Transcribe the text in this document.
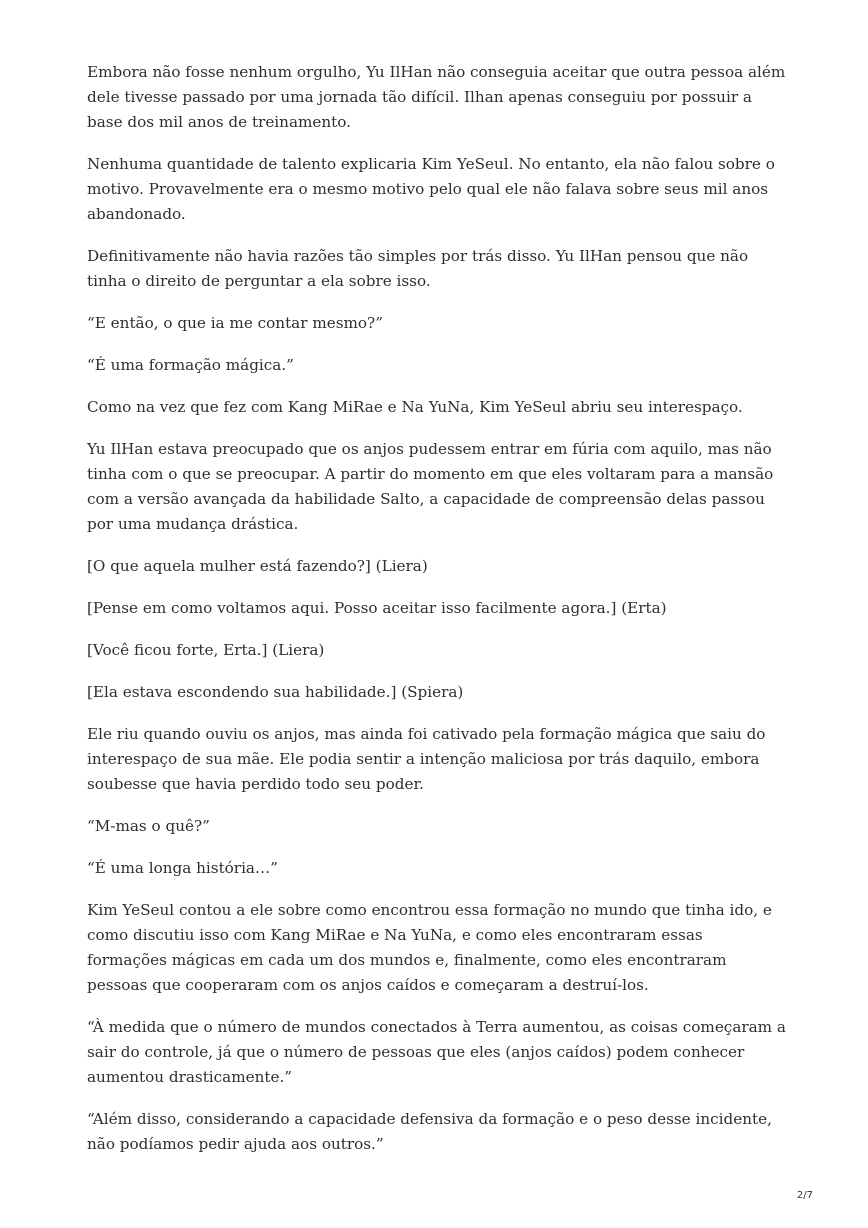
Embora não fosse nenhum orgulho, Yu IlHan não conseguia aceitar que outra pessoa além dele tivesse passado por uma jornada tão difícil. Ilhan apenas conseguiu por possuir a base dos mil anos de treinamento.

Nenhuma quantidade de talento explicaria Kim YeSeul. No entanto, ela não falou sobre o motivo. Provavelmente era o mesmo motivo pelo qual ele não falava sobre seus mil anos abandonado.

Definitivamente não havia razões tão simples por trás disso. Yu IlHan pensou que não tinha o direito de perguntar a ela sobre isso.

“E então, o que ia me contar mesmo?”

“É uma formação mágica.”

Como na vez que fez com Kang MiRae e Na YuNa, Kim YeSeul abriu seu interespaço.

Yu IlHan estava preocupado que os anjos pudessem entrar em fúria com aquilo, mas não tinha com o que se preocupar. A partir do momento em que eles voltaram para a mansão com a versão avançada da habilidade Salto, a capacidade de compreensão delas passou por uma mudança drástica.

[O que aquela mulher está fazendo?] (Liera)

[Pense em como voltamos aqui. Posso aceitar isso facilmente agora.] (Erta)

[Você ficou forte, Erta.] (Liera)

[Ela estava escondendo sua habilidade.] (Spiera)

Ele riu quando ouviu os anjos, mas ainda foi cativado pela formação mágica que saiu do interespaço de sua mãe. Ele podia sentir a intenção maliciosa por trás daquilo, embora soubesse que havia perdido todo seu poder.

“M-mas o quê?”

“É uma longa história…”

Kim YeSeul contou a ele sobre como encontrou essa formação no mundo que tinha ido, e como discutiu isso com Kang MiRae e Na YuNa, e como eles encontraram essas formações mágicas em cada um dos mundos e, finalmente, como eles encontraram pessoas que cooperaram com os anjos caídos e começaram a destruí-los.

“À medida que o número de mundos conectados à Terra aumentou, as coisas começaram a sair do controle, já que o número de pessoas que eles (anjos caídos) podem conhecer aumentou drasticamente.”

“Além disso, considerando a capacidade defensiva da formação e o peso desse incidente, não podíamos pedir ajuda aos outros.”

2/7
